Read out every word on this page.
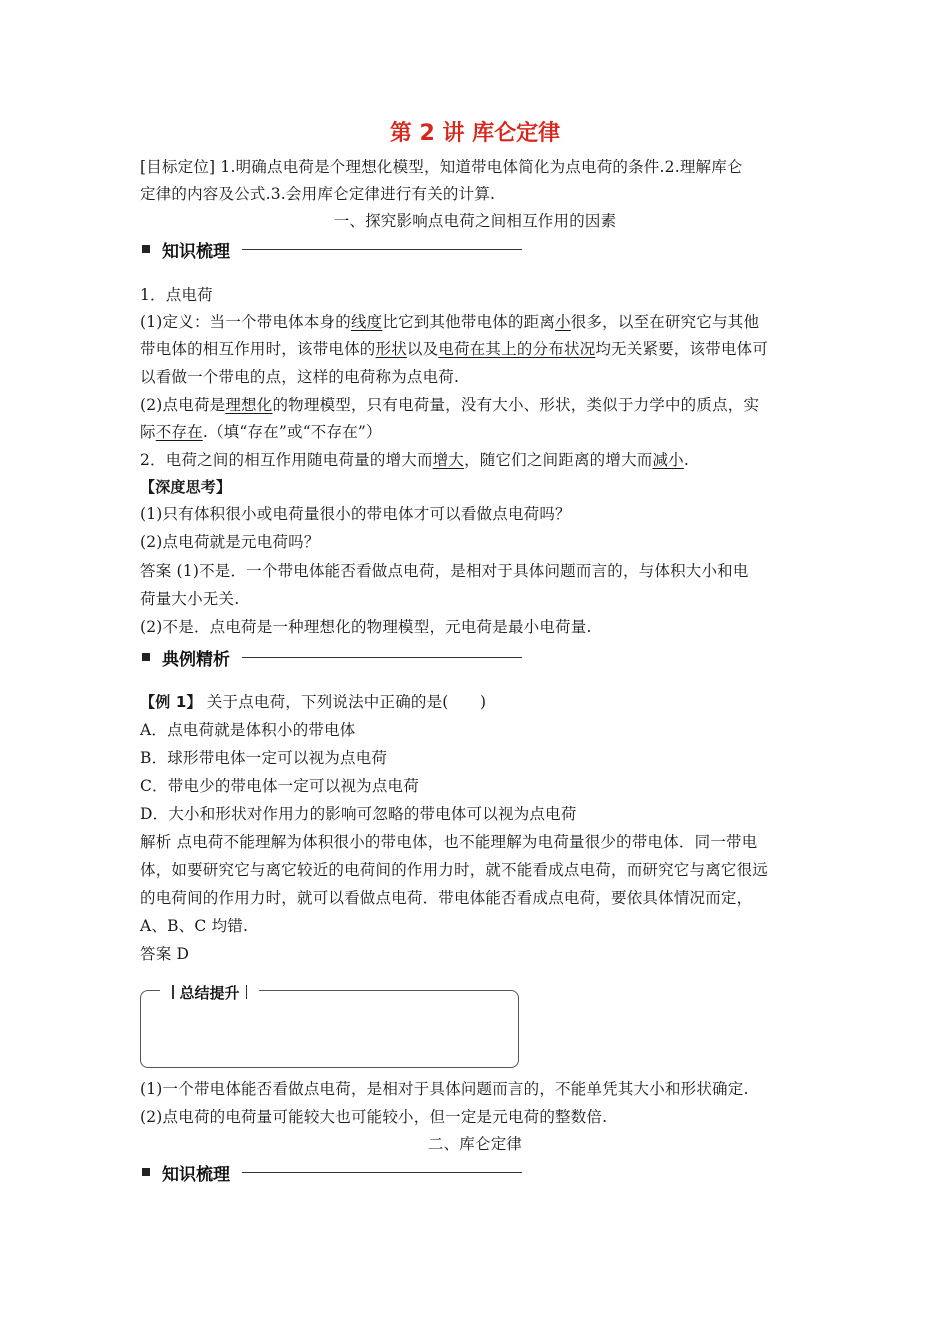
第 2 讲 库仑定律
[目标定位] 1.明确点电荷是个理想化模型，知道带电体简化为点电荷的条件.2.理解库仑
定律的内容及公式.3.会用库仑定律进行有关的计算.
一、探究影响点电荷之间相互作用的因素
知识梳理
1．点电荷
(1)定义：当一个带电体本身的线度比它到其他带电体的距离小很多，以至在研究它与其他
带电体的相互作用时，该带电体的形状以及电荷在其上的分布状况均无关紧要，该带电体可
以看做一个带电的点，这样的电荷称为点电荷.
(2)点电荷是理想化的物理模型，只有电荷量，没有大小、形状，类似于力学中的质点，实
际不存在.（填“存在”或“不存在”）
2．电荷之间的相互作用随电荷量的增大而增大，随它们之间距离的增大而减小.
【深度思考】
(1)只有体积很小或电荷量很小的带电体才可以看做点电荷吗？
(2)点电荷就是元电荷吗？
答案 (1)不是．一个带电体能否看做点电荷，是相对于具体问题而言的，与体积大小和电
荷量大小无关.
(2)不是．点电荷是一种理想化的物理模型，元电荷是最小电荷量.
典例精析
【例 1】 关于点电荷，下列说法中正确的是(　　)
A．点电荷就是体积小的带电体
B．球形带电体一定可以视为点电荷
C．带电少的带电体一定可以视为点电荷
D．大小和形状对作用力的影响可忽略的带电体可以视为点电荷
解析 点电荷不能理解为体积很小的带电体，也不能理解为电荷量很少的带电体．同一带电
体，如要研究它与离它较近的电荷间的作用力时，就不能看成点电荷，而研究它与离它很远
的电荷间的作用力时，就可以看做点电荷．带电体能否看成点电荷，要依具体情况而定，
A、B、C 均错.
答案 D
总结提升
(1)一个带电体能否看做点电荷，是相对于具体问题而言的，不能单凭其大小和形状确定.
(2)点电荷的电荷量可能较大也可能较小，但一定是元电荷的整数倍.
二、库仑定律
知识梳理
